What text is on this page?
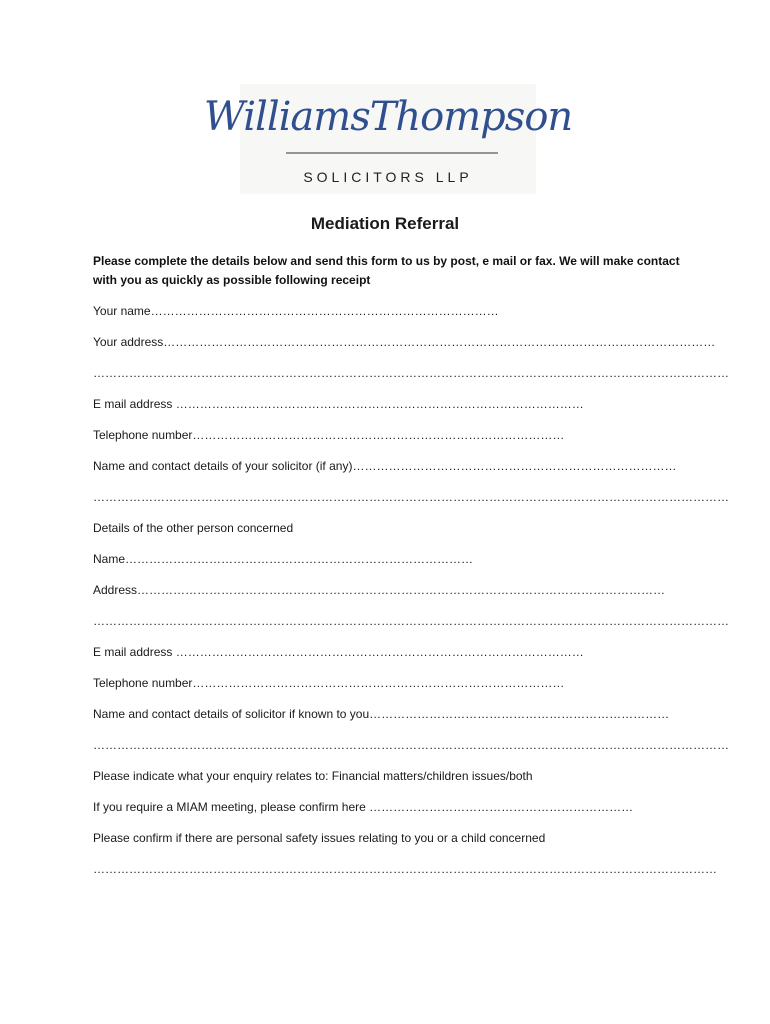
WilliamsThompson
SOLICITORS LLP
Mediation Referral
Please complete the details below and send this form to us by post, e mail or fax. We will make contact with you as quickly as possible following receipt
Your name……………………………………………………………………………
Your address…………………………………………………………………………………………………………………………
……………………………………………………………………………………………………………………………………………
E mail address …………………………………………………………………………………………
Telephone number…………………………………………………………………………………
Name and contact details of your solicitor (if any)………………………………………………………………………
……………………………………………………………………………………………………………………………………………
Details of the other person concerned
Name……………………………………………………………………………
Address……………………………………………………………………………………………………………………
……………………………………………………………………………………………………………………………………………
E mail address …………………………………………………………………………………………
Telephone number…………………………………………………………………………………
Name and contact details of solicitor if known to you…………………………………………………………………
……………………………………………………………………………………………………………………………………………
Please indicate what your enquiry relates to: Financial matters/children issues/both
If you require a MIAM meeting, please confirm here …………………………………………………………
Please confirm if there are personal safety issues relating to you or a child concerned
…………………………………………………………………………………………………………………………………………
